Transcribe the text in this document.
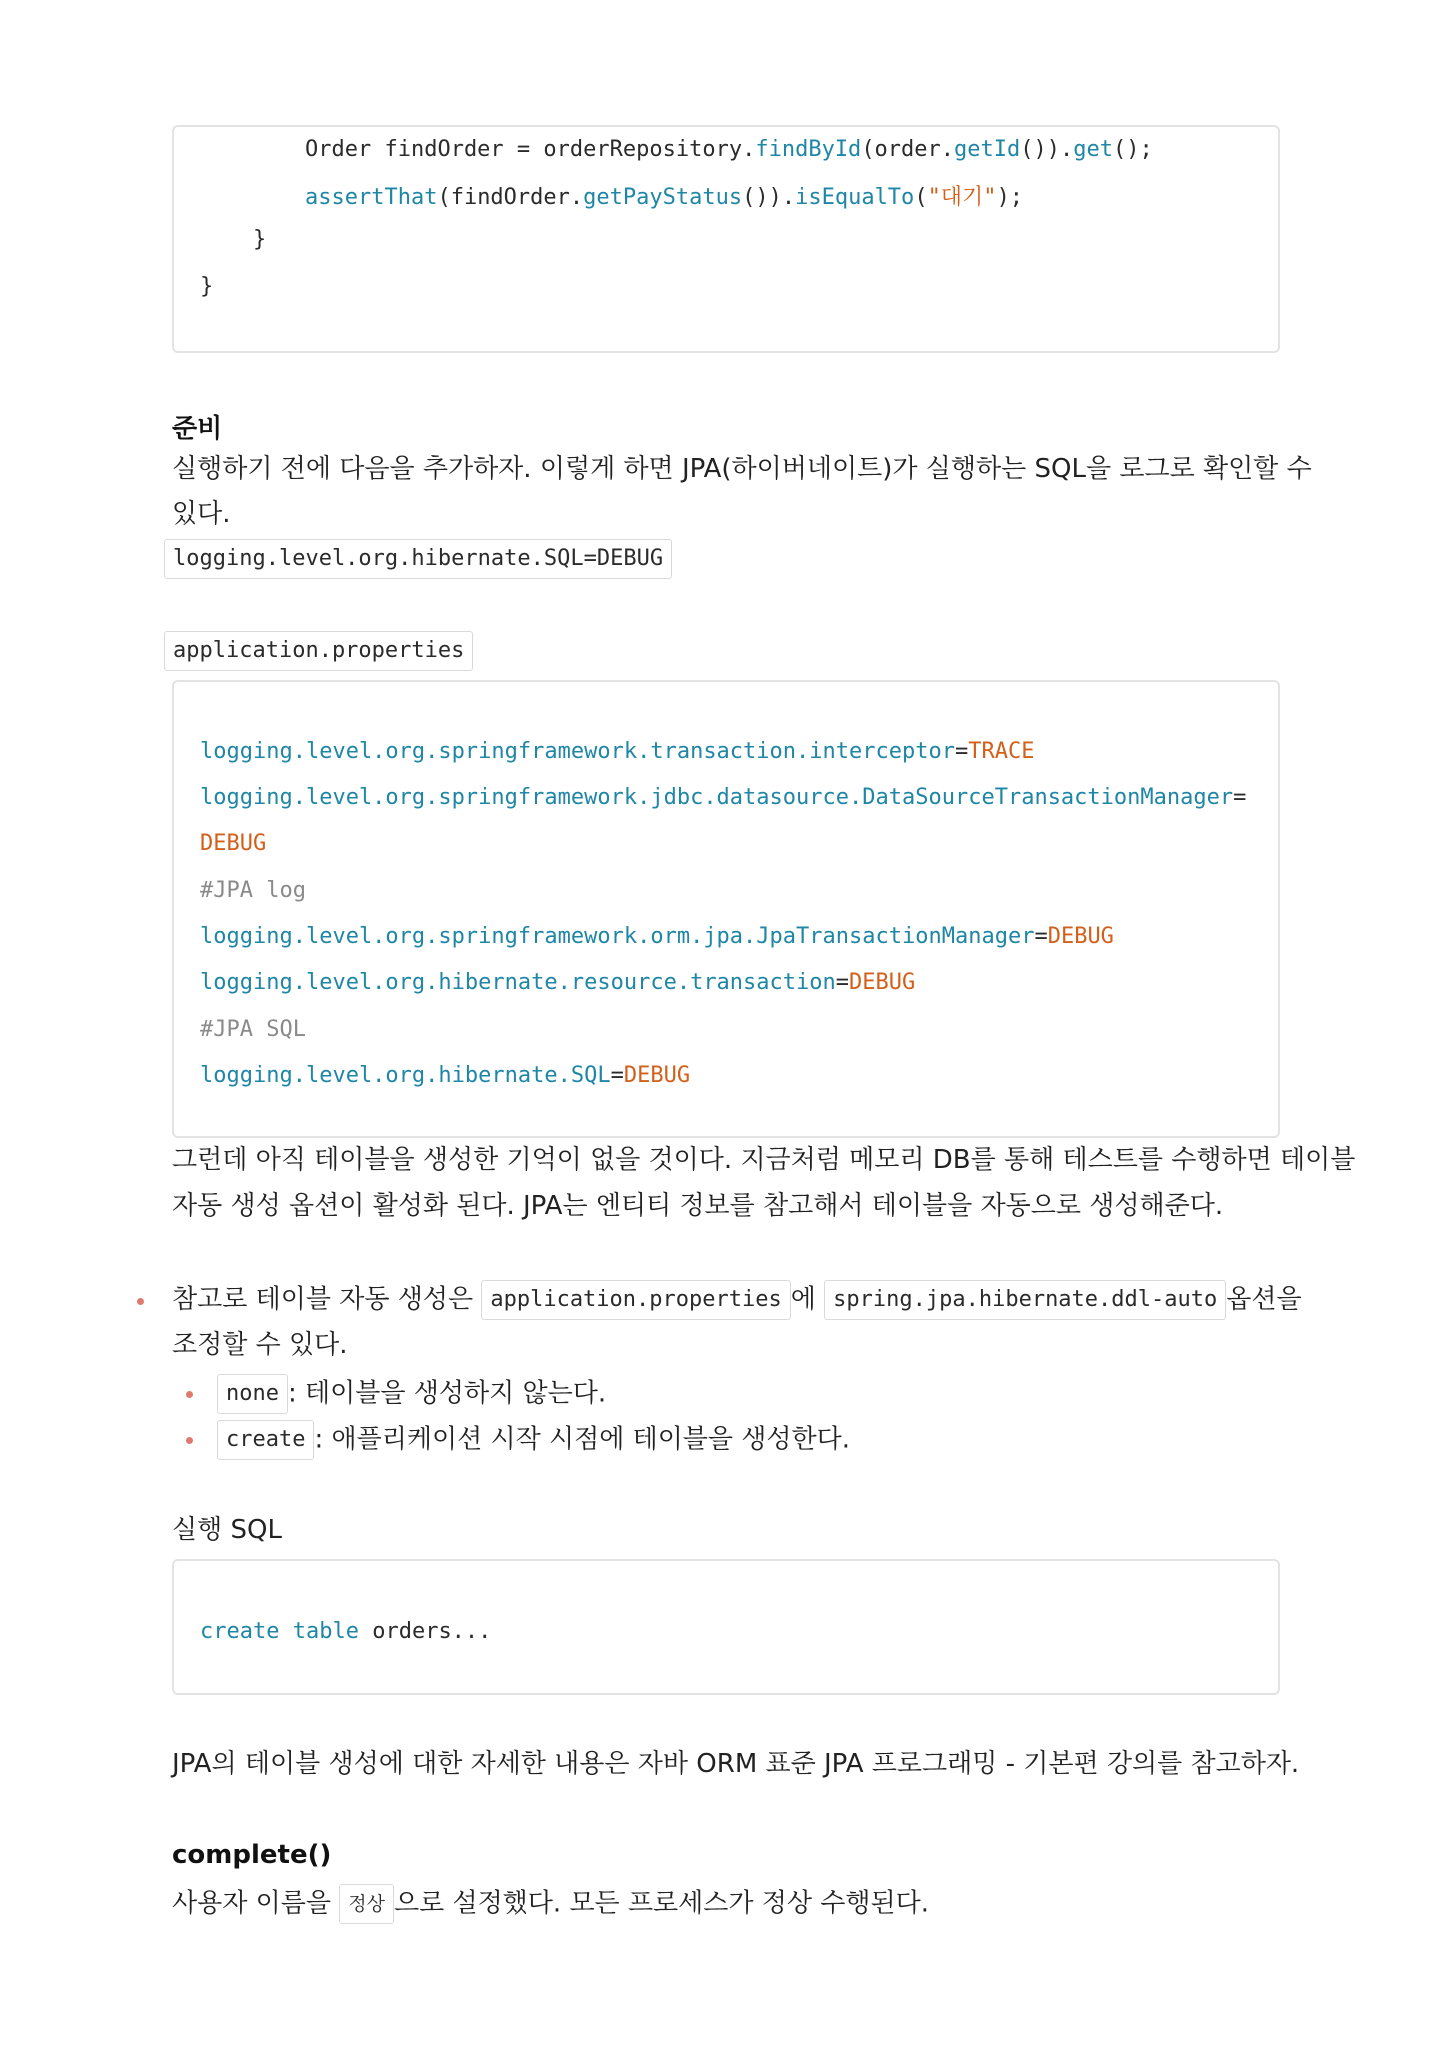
Order findOrder = orderRepository.findById(order.getId()).get();

assertThat(findOrder.getPayStatus()).isEqualTo("대기");

}

}

준비
실행하기 전에 다음을 추가하자. 이렇게 하면 JPA(하이버네이트)가 실행하는 SQL을 로그로 확인할 수
있다.
logging.level.org.hibernate.SQL=DEBUG
application.properties

logging.level.org.springframework.transaction.interceptor=TRACE

logging.level.org.springframework.jdbc.datasource.DataSourceTransactionManager=

DEBUG

#JPA log

logging.level.org.springframework.orm.jpa.JpaTransactionManager=DEBUG

logging.level.org.hibernate.resource.transaction=DEBUG

#JPA SQL

logging.level.org.hibernate.SQL=DEBUG

그런데 아직 테이블을 생성한 기억이 없을 것이다. 지금처럼 메모리 DB를 통해 테스트를 수행하면 테이블
자동 생성 옵션이 활성화 된다. JPA는 엔티티 정보를 참고해서 테이블을 자동으로 생성해준다.
참고로 테이블 자동 생성은 application.properties 에 spring.jpa.hibernate.ddl-auto 옵션을
조정할 수 있다.
none : 테이블을 생성하지 않는다.
create : 애플리케이션 시작 시점에 테이블을 생성한다.
실행 SQL

create table orders...

JPA의 테이블 생성에 대한 자세한 내용은 자바 ORM 표준 JPA 프로그래밍 - 기본편 강의를 참고하자.
complete()
사용자 이름을 정상 으로 설정했다. 모든 프로세스가 정상 수행된다.
